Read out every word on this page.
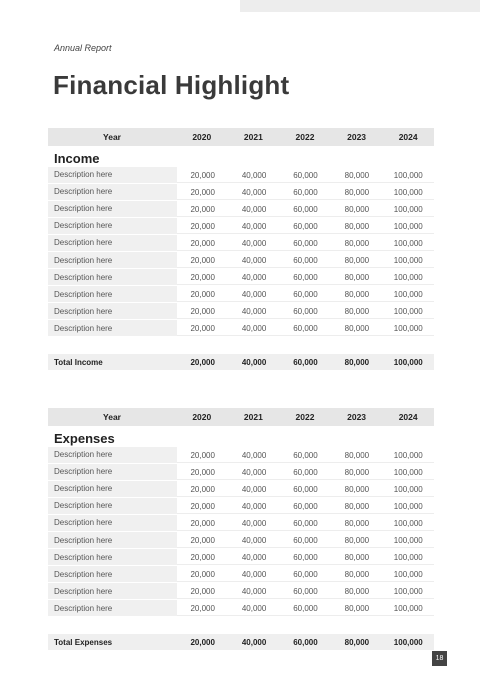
Annual Report
Financial Highlight
Year	2020	2021	2022	2023	2024
Income
Description here	20,000	40,000	60,000	80,000	100,000
Description here	20,000	40,000	60,000	80,000	100,000
Description here	20,000	40,000	60,000	80,000	100,000
Description here	20,000	40,000	60,000	80,000	100,000
Description here	20,000	40,000	60,000	80,000	100,000
Description here	20,000	40,000	60,000	80,000	100,000
Description here	20,000	40,000	60,000	80,000	100,000
Description here	20,000	40,000	60,000	80,000	100,000
Description here	20,000	40,000	60,000	80,000	100,000
Description here	20,000	40,000	60,000	80,000	100,000
Total Income	20,000	40,000	60,000	80,000	100,000
Year	2020	2021	2022	2023	2024
Expenses
Description here	20,000	40,000	60,000	80,000	100,000
Description here	20,000	40,000	60,000	80,000	100,000
Description here	20,000	40,000	60,000	80,000	100,000
Description here	20,000	40,000	60,000	80,000	100,000
Description here	20,000	40,000	60,000	80,000	100,000
Description here	20,000	40,000	60,000	80,000	100,000
Description here	20,000	40,000	60,000	80,000	100,000
Description here	20,000	40,000	60,000	80,000	100,000
Description here	20,000	40,000	60,000	80,000	100,000
Description here	20,000	40,000	60,000	80,000	100,000
Total Expenses	20,000	40,000	60,000	80,000	100,000
18
